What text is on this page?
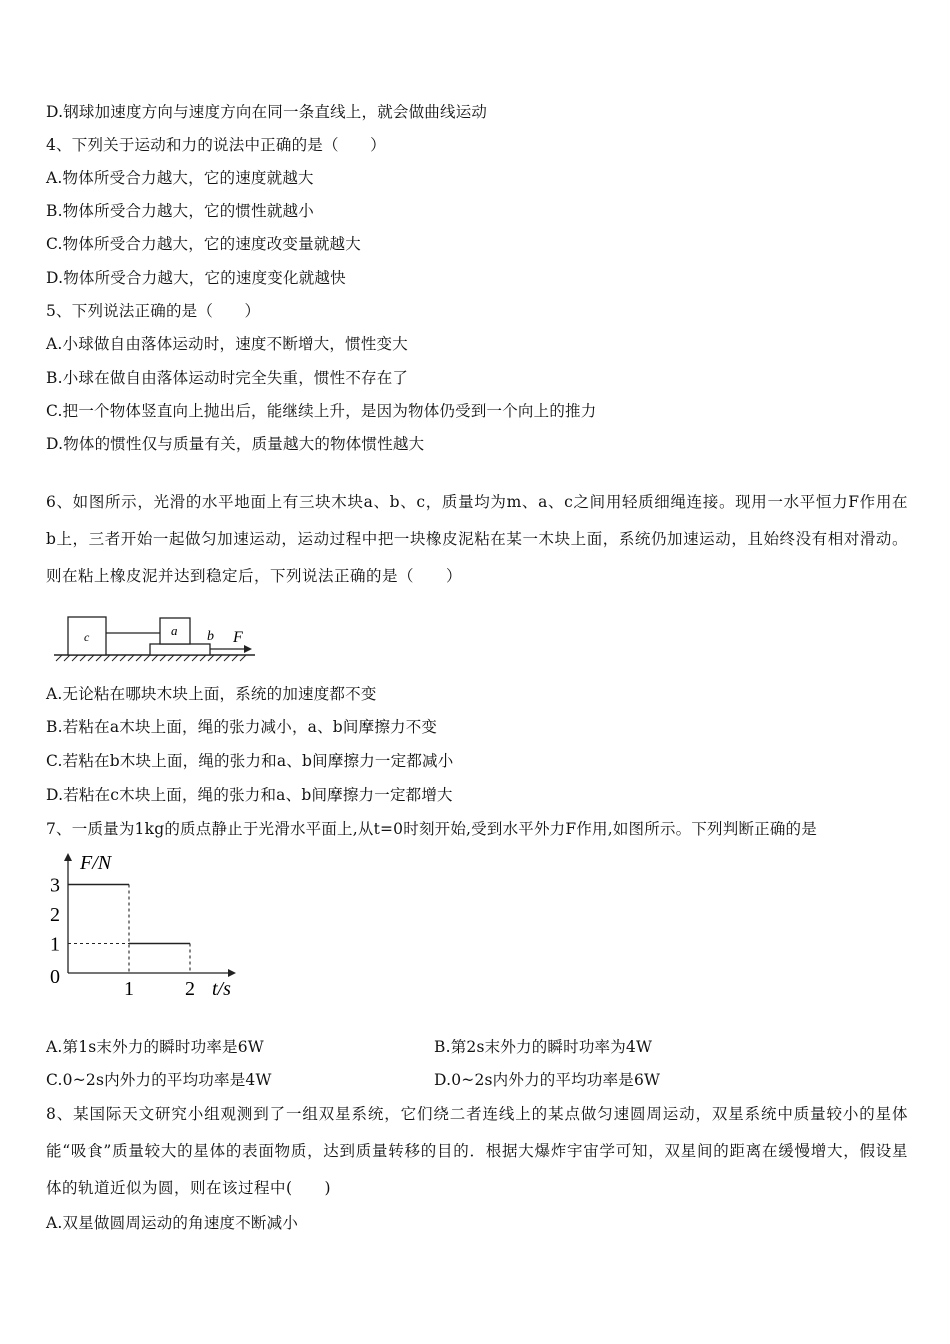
D.钢球加速度方向与速度方向在同一条直线上，就会做曲线运动
4、下列关于运动和力的说法中正确的是（　　）
A.物体所受合力越大，它的速度就越大
B.物体所受合力越大，它的惯性就越小
C.物体所受合力越大，它的速度改变量就越大
D.物体所受合力越大，它的速度变化就越快
5、下列说法正确的是（　　）
A.小球做自由落体运动时，速度不断增大，惯性变大
B.小球在做自由落体运动时完全失重，惯性不存在了
C.把一个物体竖直向上抛出后，能继续上升，是因为物体仍受到一个向上的推力
D.物体的惯性仅与质量有关，质量越大的物体惯性越大
6、如图所示，光滑的水平地面上有三块木块a、b、c，质量均为m、a、c之间用轻质细绳连接。现用一水平恒力F作用在b上，三者开始一起做匀加速运动，运动过程中把一块橡皮泥粘在某一木块上面，系统仍加速运动，且始终没有相对滑动。则在粘上橡皮泥并达到稳定后，下列说法正确的是（　　）
c	a b F
A.无论粘在哪块木块上面，系统的加速度都不变
B.若粘在a木块上面，绳的张力减小，a、b间摩擦力不变
C.若粘在b木块上面，绳的张力和a、b间摩擦力一定都减小
D.若粘在c木块上面，绳的张力和a、b间摩擦力一定都增大
7、一质量为1kg的质点静止于光滑水平面上,从t=0时刻开始,受到水平外力F作用,如图所示。下列判断正确的是
F/N
t/s
0
1
2
3
1	2
A.第1s末外力的瞬时功率是6W	B.第2s末外力的瞬时功率为4W
C.0~2s内外力的平均功率是4W	D.0~2s内外力的平均功率是6W
8、某国际天文研究小组观测到了一组双星系统，它们绕二者连线上的某点做匀速圆周运动，双星系统中质量较小的星体能“吸食”质量较大的星体的表面物质，达到质量转移的目的．根据大爆炸宇宙学可知，双星间的距离在缓慢增大，假设星体的轨道近似为圆，则在该过程中(　　)
A.双星做圆周运动的角速度不断减小
